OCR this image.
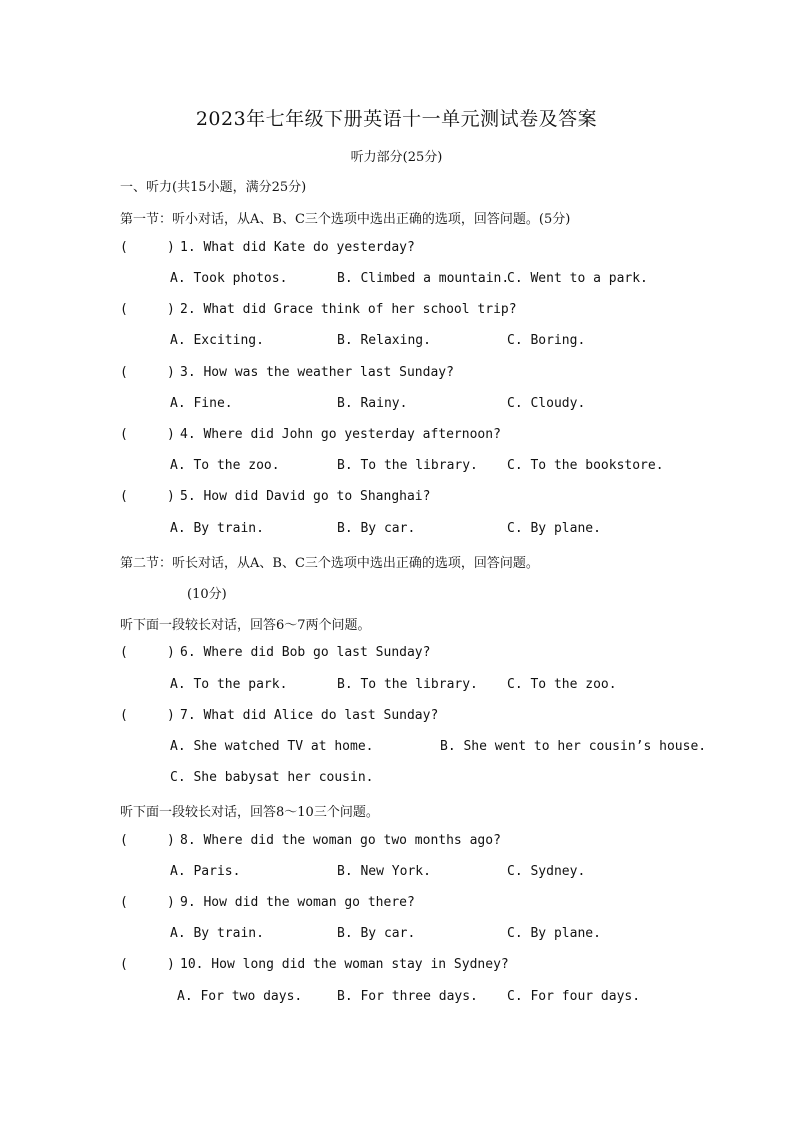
2023年七年级下册英语十一单元测试卷及答案
听力部分(25分)
一、听力(共15小题，满分25分)
第一节：听小对话，从A、B、C三个选项中选出正确的选项，回答问题。(5分)
(     ) 1. What did Kate do yesterday?
A. Took photos.	B. Climbed a mountain.
C. Went to a park.
(     ) 2. What did Grace think of her school trip?
A. Exciting.	B. Relaxing.	C. Boring.
(     ) 3. How was the weather last Sunday?
A. Fine.	B. Rainy.	C. Cloudy.
(     ) 4. Where did John go yesterday afternoon?
A. To the zoo.	B. To the library. C. To the bookstore.
(     ) 5. How did David go to Shanghai?
A. By train.	B. By car.	C. By plane.
第二节：听长对话，从A、B、C三个选项中选出正确的选项，回答问题。
(10分)
听下面一段较长对话，回答6～7两个问题。
(     ) 6. Where did Bob go last Sunday?
A. To the park.	B. To the library. C. To the zoo.
(     ) 7. What did Alice do last Sunday?
A. She watched TV at home.	B. She went to her cousin’s house.
C. She babysat her cousin.
听下面一段较长对话，回答8～10三个问题。
(     ) 8. Where did the woman go two months ago?
A. Paris.	B. New York.	C. Sydney.
(     ) 9. How did the woman go there?
A. By train.	B. By car.	C. By plane.
(     ) 10. How long did the woman stay in Sydney?
A. For two days.	B. For three days. C. For four days.
